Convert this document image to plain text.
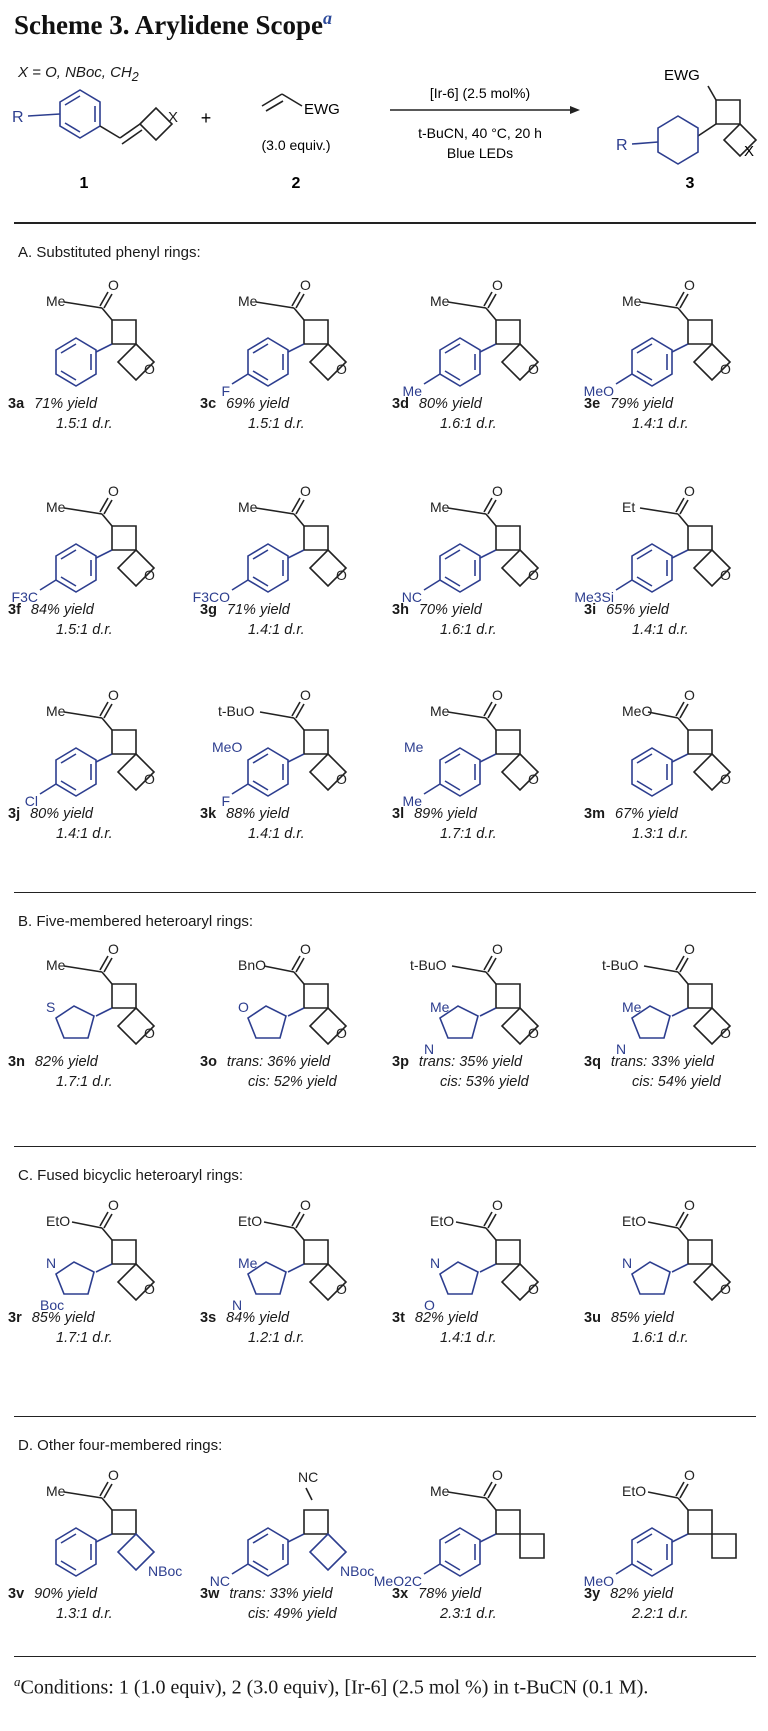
Scheme 3. Arylidene Scope$^a$
X = O, NBoc, $CH_2$
R	X
1
+	EWG
(3.0 equiv.)
2
[Ir-6] (2.5 mol%)
t-BuCN, 40 °C, 20 h
Blue LEDs
EWG
X
R
3
A. Substituted phenyl rings:
B. Five-membered heteroaryl rings:
C. Fused bicyclic heteroaryl rings:
D. Other four-membered rings:
O
Me
O
3a 71% yield
1.5:1 d.r.
O
Me
O
F
3c 69% yield
1.5:1 d.r.
O
Me
O
Me
3d 80% yield
1.6:1 d.r.
O
Me
O
MeO
3e 79% yield
1.4:1 d.r.
O
Me
O
F3C
3f 84% yield
1.5:1 d.r.
O
Me
O
F3CO
3g 71% yield
1.4:1 d.r.
O
Me
O
NC
3h 70% yield
1.6:1 d.r.
O
Et
O
Me3Si
3i 65% yield
1.4:1 d.r.
O
Me
O
Cl
3j 80% yield
1.4:1 d.r.
O
t-BuO
O
F
MeO
3k 88% yield
1.4:1 d.r.
O
Me
O
Me
Me
3l 89% yield
1.7:1 d.r.
O
MeO
O
3m 67% yield
1.3:1 d.r.
O
Me
O
S
3n 82% yield
1.7:1 d.r.
O
BnO
O
O
3o trans: 36% yield
cis: 52% yield
O
t-BuO
O
Me
N
3p trans: 35% yield
cis: 53% yield
O
t-BuO
O
Me
N
3q trans: 33% yield
cis: 54% yield
O
EtO
O
N
Boc
3r 85% yield
1.7:1 d.r.
O
EtO
O
Me
N
3s 84% yield
1.2:1 d.r.
O
EtO
O
N
O
3t 82% yield
1.4:1 d.r.
O
EtO
O
N
3u 85% yield
1.6:1 d.r.
O
Me
NBoc
3v 90% yield
1.3:1 d.r.
NC
NBoc
NC
3w trans: 33% yield
cis: 49% yield
O
Me
MeO2C
3x 78% yield
2.3:1 d.r.
O
EtO
MeO
3y 82% yield
2.2:1 d.r.
$^a$Conditions: 1 (1.0 equiv), 2 (3.0 equiv), [Ir-6] (2.5 mol %) in t-BuCN (0.1 M).
